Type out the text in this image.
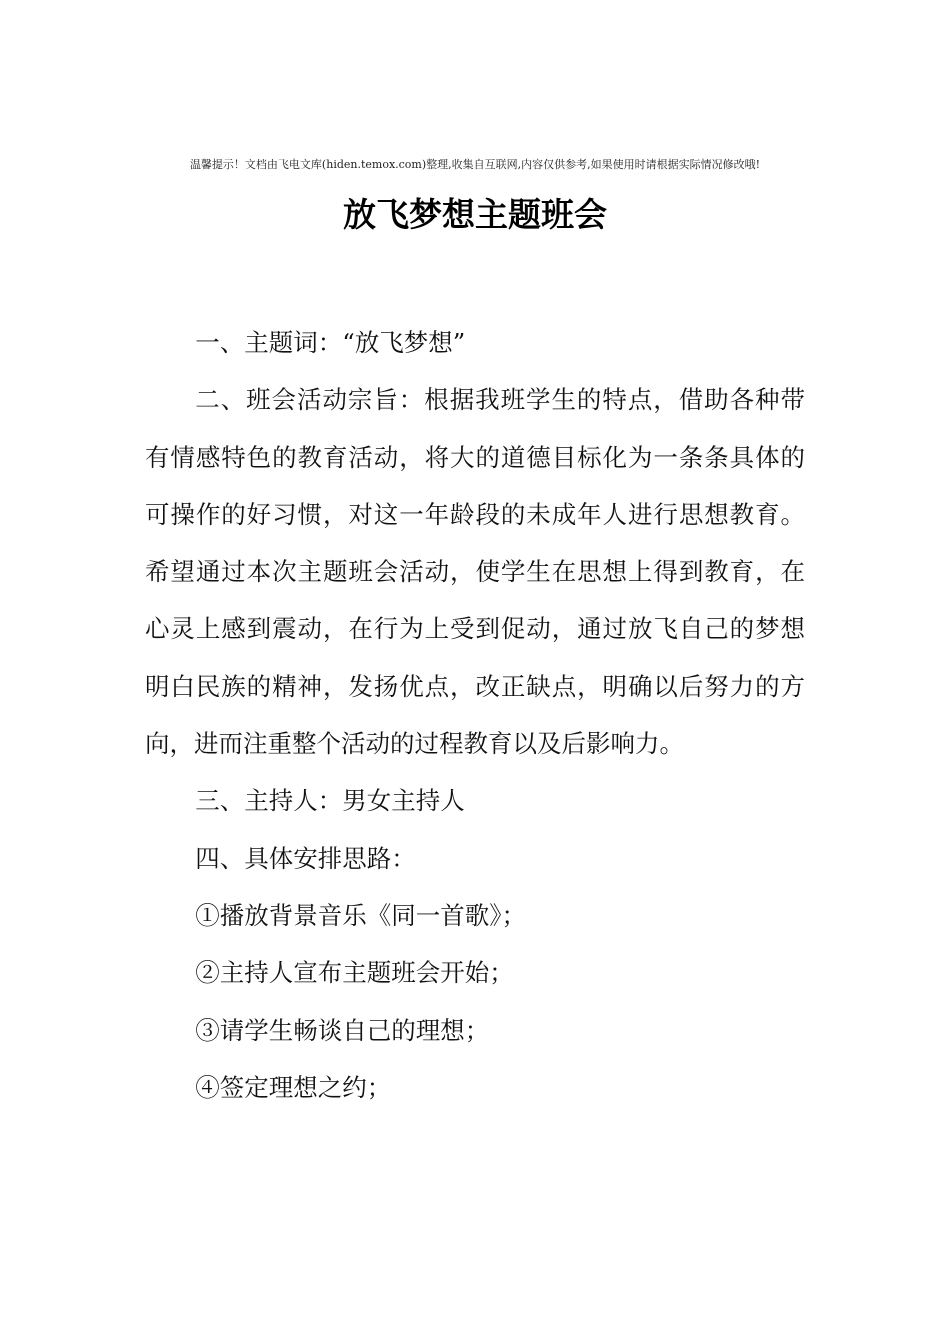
温馨提示！文档由飞电文库(hiden.temox.com)整理,收集自互联网,内容仅供参考,如果使用时请根据实际情况修改哦!
放飞梦想主题班会

一、主题词：“放飞梦想”

二、班会活动宗旨：根据我班学生的特点，借助各种带有情感特色的教育活动，将大的道德目标化为一条条具体的可操作的好习惯，对这一年龄段的未成年人进行思想教育。希望通过本次主题班会活动，使学生在思想上得到教育，在心灵上感到震动，在行为上受到促动，通过放飞自己的梦想明白民族的精神，发扬优点，改正缺点，明确以后努力的方向，进而注重整个活动的过程教育以及后影响力。

三、主持人：男女主持人

四、具体安排思路：

①播放背景音乐《同一首歌》；

②主持人宣布主题班会开始；

③请学生畅谈自己的理想；

④签定理想之约；
